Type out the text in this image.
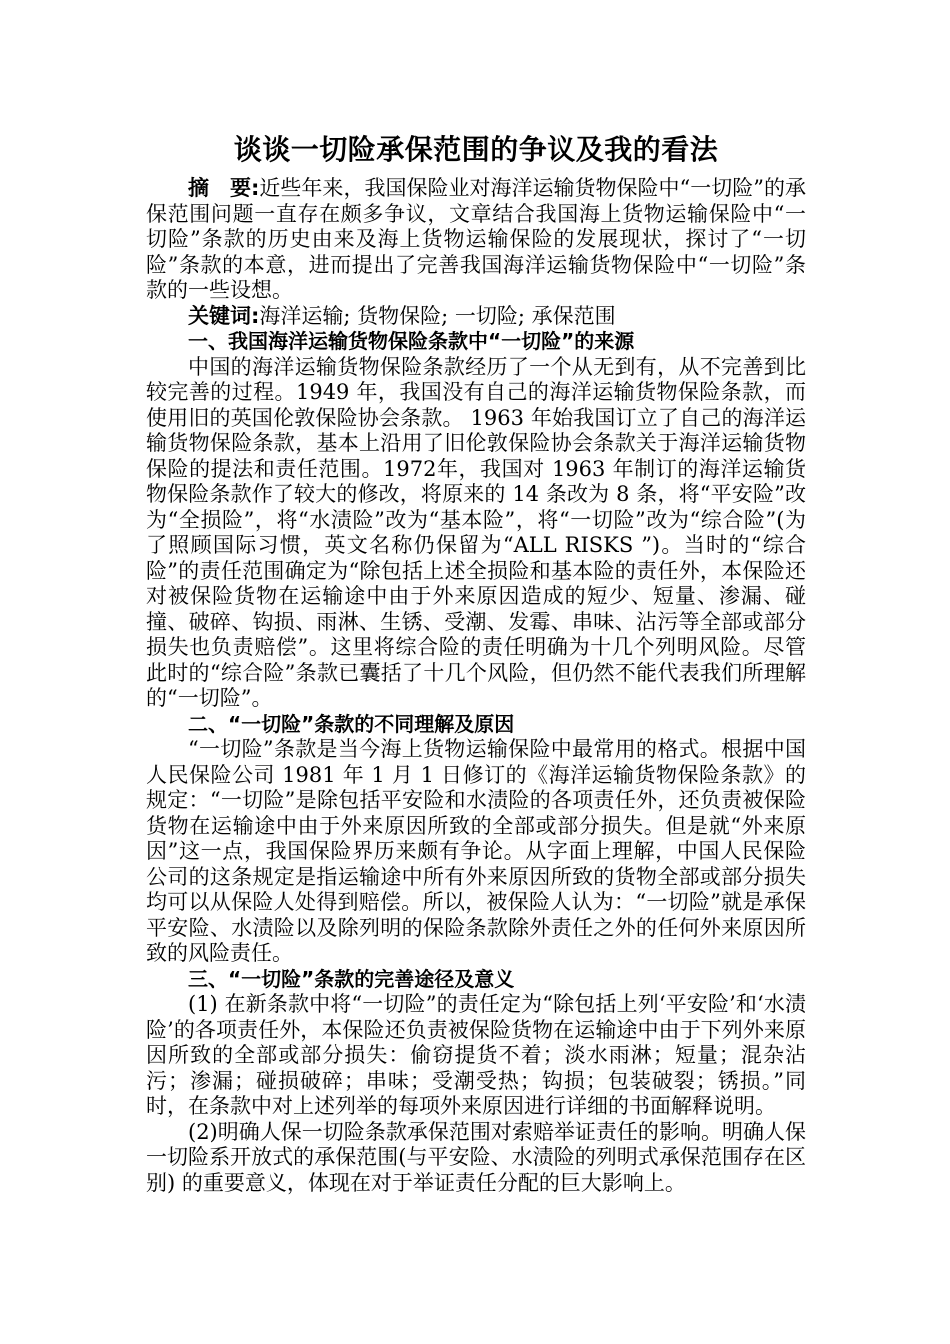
谈谈一切险承保范围的争议及我的看法

摘　要:近些年来，我国保险业对海洋运输货物保险中“一切险”的承保范围问题一直存在颇多争议，文章结合我国海上货物运输保险中“一切险”条款的历史由来及海上货物运输保险的发展现状，探讨了“一切险”条款的本意，进而提出了完善我国海洋运输货物保险中“一切险”条款的一些设想。

关键词:海洋运输; 货物保险; 一切险; 承保范围

一、我国海洋运输货物保险条款中“一切险”的来源

中国的海洋运输货物保险条款经历了一个从无到有，从不完善到比较完善的过程。1949 年，我国没有自己的海洋运输货物保险条款，而使用旧的英国伦敦保险协会条款。 1963 年始我国订立了自己的海洋运输货物保险条款，基本上沿用了旧伦敦保险协会条款关于海洋运输货物保险的提法和责任范围。1972年，我国对 1963 年制订的海洋运输货物保险条款作了较大的修改，将原来的 14 条改为 8 条，将“平安险”改为“全损险”，将“水渍险”改为“基本险”，将“一切险”改为“综合险”(为了照顾国际习惯，英文名称仍保留为“ALL RISKS ”)。当时的“综合险”的责任范围确定为“除包括上述全损险和基本险的责任外，本保险还对被保险货物在运输途中由于外来原因造成的短少、短量、渗漏、碰撞、破碎、钩损、雨淋、生锈、受潮、发霉、串味、沾污等全部或部分损失也负责赔偿”。这里将综合险的责任明确为十几个列明风险。尽管此时的“综合险”条款已囊括了十几个风险，但仍然不能代表我们所理解的“一切险”。

二、“一切险”条款的不同理解及原因

“一切险”条款是当今海上货物运输保险中最常用的格式。根据中国人民保险公司 1981 年 1 月 1 日修订的《海洋运输货物保险条款》的规定：“一切险”是除包括平安险和水渍险的各项责任外，还负责被保险货物在运输途中由于外来原因所致的全部或部分损失。但是就“外来原因”这一点，我国保险界历来颇有争论。从字面上理解，中国人民保险公司的这条规定是指运输途中所有外来原因所致的货物全部或部分损失均可以从保险人处得到赔偿。所以，被保险人认为：“一切险”就是承保平安险、水渍险以及除列明的保险条款除外责任之外的任何外来原因所致的风险责任。

三、“一切险”条款的完善途径及意义

(1) 在新条款中将“一切险”的责任定为“除包括上列‘平安险’和‘水渍险’的各项责任外，本保险还负责被保险货物在运输途中由于下列外来原因所致的全部或部分损失：偷窃提货不着；淡水雨淋；短量；混杂沾污；渗漏；碰损破碎；串味；受潮受热；钩损；包装破裂；锈损。”同时，在条款中对上述列举的每项外来原因进行详细的书面解释说明。

(2)明确人保一切险条款承保范围对索赔举证责任的影响。明确人保一切险系开放式的承保范围(与平安险、水渍险的列明式承保范围存在区别) 的重要意义，体现在对于举证责任分配的巨大影响上。
